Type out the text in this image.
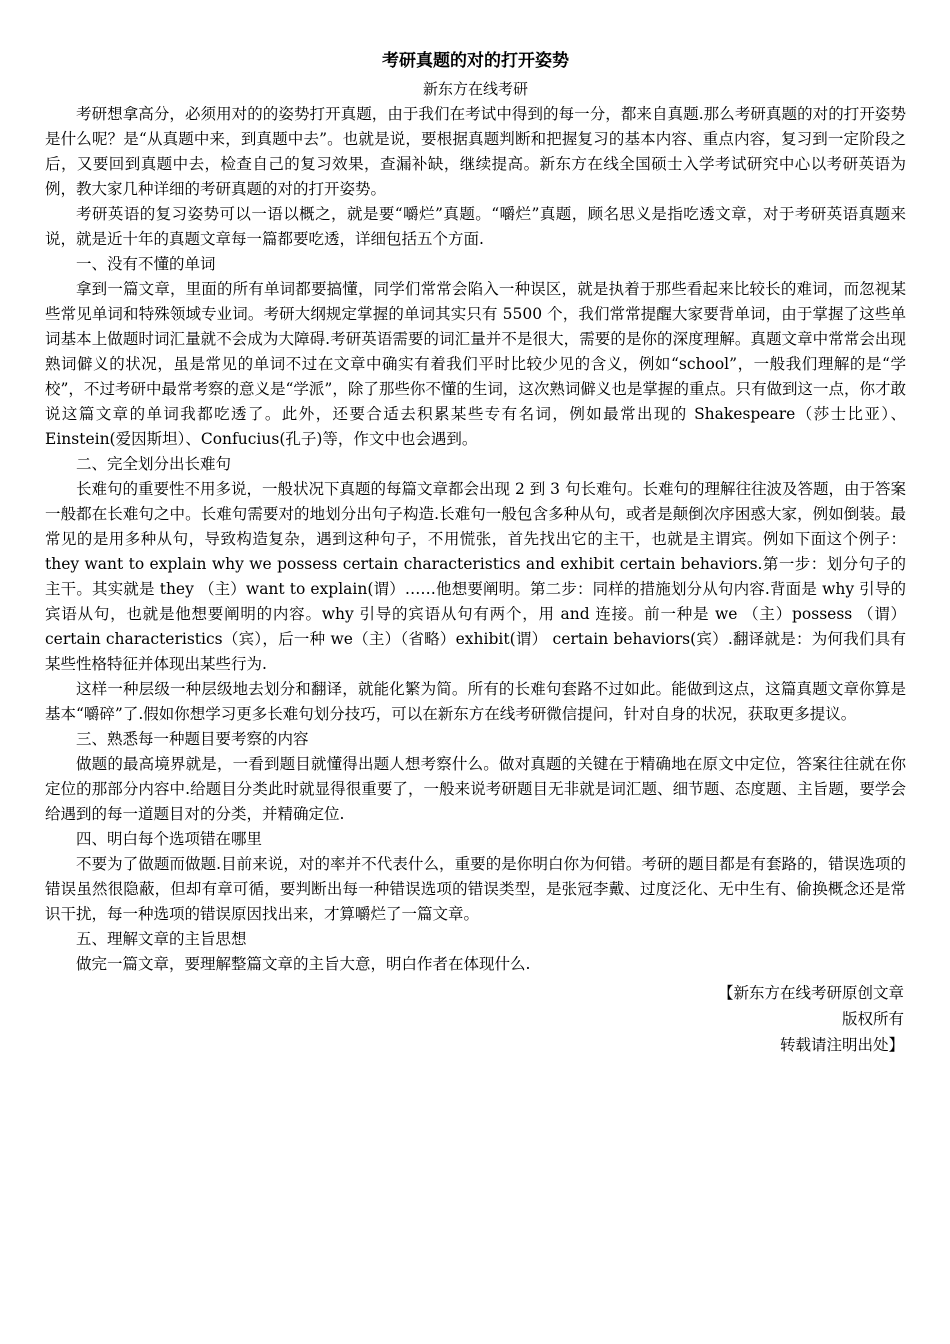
考研真题的对的打开姿势
新东方在线考研

考研想拿高分，必须用对的的姿势打开真题，由于我们在考试中得到的每一分，都来自真题.那么考研真题的对的打开姿势是什么呢？是“从真题中来，到真题中去”。也就是说，要根据真题判断和把握复习的基本内容、重点内容，复习到一定阶段之后，又要回到真题中去，检查自己的复习效果，查漏补缺，继续提高。新东方在线全国硕士入学考试研究中心以考研英语为例，教大家几种详细的考研真题的对的打开姿势。

考研英语的复习姿势可以一语以概之，就是要“嚼烂”真题。“嚼烂”真题，顾名思义是指吃透文章，对于考研英语真题来说，就是近十年的真题文章每一篇都要吃透，详细包括五个方面.

一、没有不懂的单词

拿到一篇文章，里面的所有单词都要搞懂，同学们常常会陷入一种误区，就是执着于那些看起来比较长的难词，而忽视某些常见单词和特殊领域专业词。考研大纲规定掌握的单词其实只有 5500 个，我们常常提醒大家要背单词，由于掌握了这些单词基本上做题时词汇量就不会成为大障碍.考研英语需要的词汇量并不是很大，需要的是你的深度理解。真题文章中常常会出现熟词僻义的状况，虽是常见的单词不过在文章中确实有着我们平时比较少见的含义，例如“school”，一般我们理解的是“学校”，不过考研中最常考察的意义是“学派”，除了那些你不懂的生词，这次熟词僻义也是掌握的重点。只有做到这一点，你才敢说这篇文章的单词我都吃透了。此外，还要合适去积累某些专有名词，例如最常出现的 Shakespeare（莎士比亚）、Einstein(爱因斯坦）、Confucius(孔子)等，作文中也会遇到。

二、完全划分出长难句

长难句的重要性不用多说，一般状况下真题的每篇文章都会出现 2 到 3 句长难句。长难句的理解往往波及答题，由于答案一般都在长难句之中。长难句需要对的地划分出句子构造.长难句一般包含多种从句，或者是颠倒次序困惑大家，例如倒装。最常见的是用多种从句，导致构造复杂，遇到这种句子，不用慌张，首先找出它的主干，也就是主谓宾。例如下面这个例子：they want to explain why we possess certain characteristics and exhibit certain behaviors.第一步：划分句子的主干。其实就是 they （主）want to explain(谓）……他想要阐明。第二步：同样的措施划分从句内容.背面是 why 引导的宾语从句，也就是他想要阐明的内容。why 引导的宾语从句有两个，用 and 连接。前一种是 we （主）possess （谓）certain characteristics（宾），后一种 we（主）（省略）exhibit(谓） certain behaviors(宾）.翻译就是：为何我们具有某些性格特征并体现出某些行为.

这样一种层级一种层级地去划分和翻译，就能化繁为简。所有的长难句套路不过如此。能做到这点，这篇真题文章你算是基本“嚼碎”了.假如你想学习更多长难句划分技巧，可以在新东方在线考研微信提问，针对自身的状况，获取更多提议。

三、熟悉每一种题目要考察的内容

做题的最高境界就是，一看到题目就懂得出题人想考察什么。做对真题的关键在于精确地在原文中定位，答案往往就在你定位的那部分内容中.给题目分类此时就显得很重要了，一般来说考研题目无非就是词汇题、细节题、态度题、主旨题，要学会给遇到的每一道题目对的分类，并精确定位.

四、明白每个选项错在哪里

不要为了做题而做题.目前来说，对的率并不代表什么，重要的是你明白你为何错。考研的题目都是有套路的，错误选项的错误虽然很隐蔽，但却有章可循，要判断出每一种错误选项的错误类型，是张冠李戴、过度泛化、无中生有、偷换概念还是常识干扰，每一种选项的错误原因找出来，才算嚼烂了一篇文章。

五、理解文章的主旨思想

做完一篇文章，要理解整篇文章的主旨大意，明白作者在体现什么.

【新东方在线考研原创文章
版权所有
转载请注明出处】
